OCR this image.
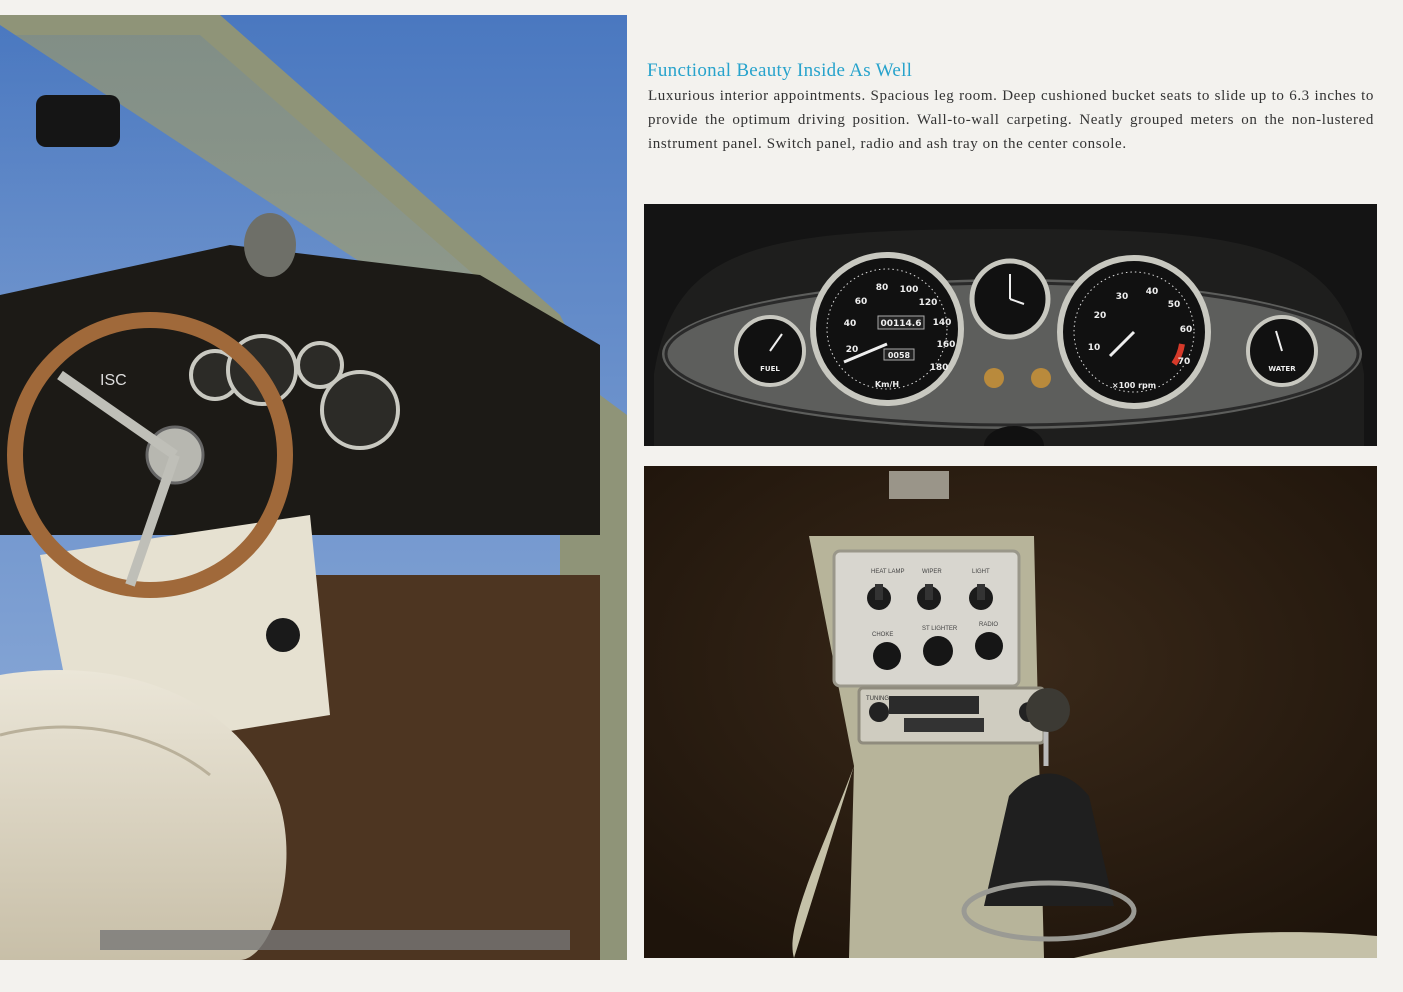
ISC
Functional Beauty Inside As Well

Luxurious interior appointments. Spacious leg room. Deep cushioned bucket seats to slide up to 6.3 inches to provide the optimum driving position. Wall-to-wall carpeting. Neatly grouped meters on the non-lustered instrument panel. Switch panel, radio and ash tray on the center console.

FUEL
00114.6
0058
Km/H
20
40
60
80 100
120
140
160
180
×100 rpm
10
20
30 40
50
60
70
WATER
HEAT LAMP	WIPER	LIGHT
CHOKE
ST LIGHTER
RADIO
TUNING
